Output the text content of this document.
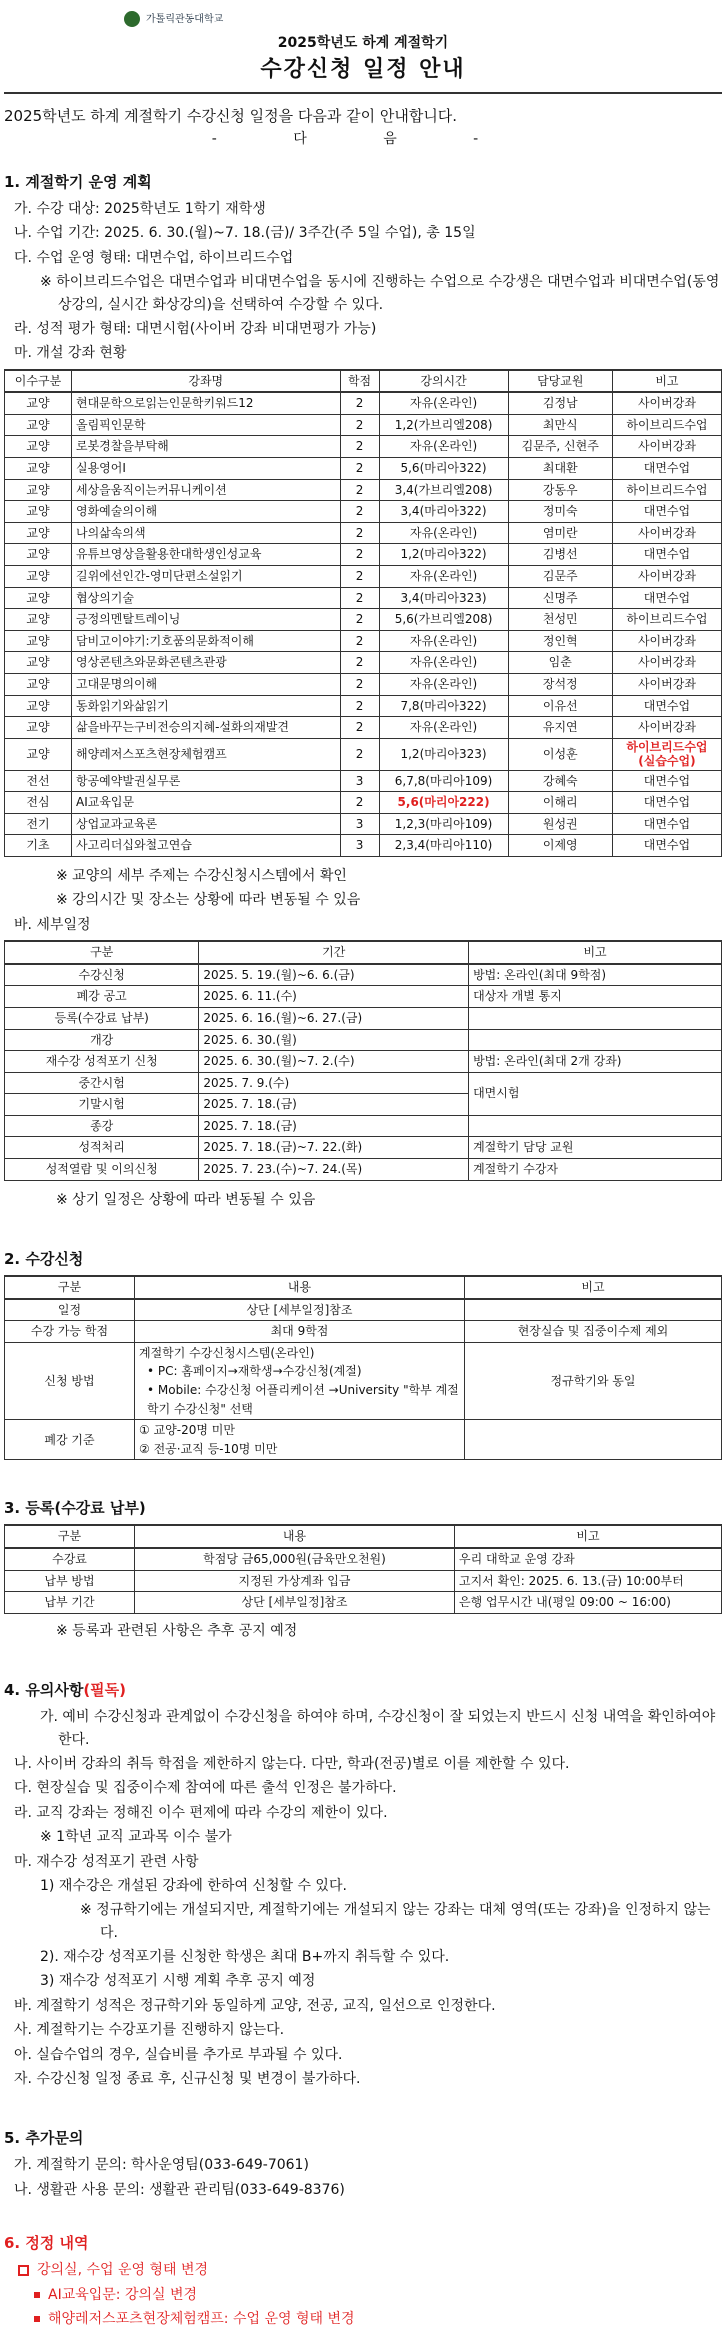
가톨릭관동대학교
2025학년도 하계 계절학기
수강신청 일정 안내

2025학년도 하계 계절학기 수강신청 일정을 다음과 같이 안내합니다.

- 다 음 -
1. 계절학기 운영 계획
가. 수강 대상: 2025학년도 1학기 재학생
나. 수업 기간: 2025. 6. 30.(월)~7. 18.(금)/ 3주간(주 5일 수업), 총 15일
다. 수업 운영 형태: 대면수업, 하이브리드수업
※ 하이브리드수업은 대면수업과 비대면수업을 동시에 진행하는 수업으로 수강생은 대면수업과 비대면수업(동영상강의, 실시간 화상강의)을 선택하여 수강할 수 있다.
라. 성적 평가 형태: 대면시험(사이버 강좌 비대면평가 가능)
마. 개설 강좌 현황
이수구분	강좌명	학점	강의시간	담당교원	비고
교양	현대문학으로읽는인문학키워드12	2	자유(온라인)	김정남	사이버강좌
교양	올림픽인문학	2	1,2(가브리엘208)	최만식	하이브리드수업
교양	로봇경찰을부탁해	2	자유(온라인)	김문주, 신현주	사이버강좌
교양	실용영어I	2	5,6(마리아322)	최대환	대면수업
교양	세상을움직이는커뮤니케이션	2	3,4(가브리엘208)	강동우	하이브리드수업
교양	영화예술의이해	2	3,4(마리아322)	정미숙	대면수업
교양	나의삶속의색	2	자유(온라인)	염미란	사이버강좌
교양	유튜브영상을활용한대학생인성교육	2	1,2(마리아322)	김병선	대면수업
교양	길위에선인간-영미단편소설읽기	2	자유(온라인)	김문주	사이버강좌
교양	협상의기술	2	3,4(마리아323)	신명주	대면수업
교양	긍정의멘탈트레이닝	2	5,6(가브리엘208)	천성민	하이브리드수업
교양	담비고이야기:기호품의문화적이해	2	자유(온라인)	정인혁	사이버강좌
교양	영상콘텐츠와문화콘텐츠관광	2	자유(온라인)	임춘	사이버강좌
교양	고대문명의이해	2	자유(온라인)	장석정	사이버강좌
교양	동화읽기와삶읽기	2	7,8(마리아322)	이유선	대면수업
교양	삶을바꾸는구비전승의지혜-설화의재발견	2	자유(온라인)	유지연	사이버강좌
교양	해양레저스포츠현장체험캠프	2	1,2(마리아323)	이성훈	하이브리드수업
(실습수업)
전선	항공예약발권실무론	3	6,7,8(마리아109)	강혜숙	대면수업
전심	AI교육입문	2	5,6(마리아222)	이해리	대면수업
전기	상업교과교육론	3	1,2,3(마리아109)	원성권	대면수업
기초	사고리더십와철고연습	3	2,3,4(마리아110)	이제영	대면수업
※ 교양의 세부 주제는 수강신청시스템에서 확인
※ 강의시간 및 장소는 상황에 따라 변동될 수 있음
바. 세부일정
구분	기간	비고
수강신청	2025. 5. 19.(월)~6. 6.(금)	방법: 온라인(최대 9학점)
폐강 공고	2025. 6. 11.(수)	대상자 개별 통지
등록(수강료 납부)	2025. 6. 16.(월)~6. 27.(금)	
개강	2025. 6. 30.(월)	
재수강 성적포기 신청	2025. 6. 30.(월)~7. 2.(수)	방법: 온라인(최대 2개 강좌)
중간시험	2025. 7. 9.(수)	대면시험
기말시험	2025. 7. 18.(금)	
종강	2025. 7. 18.(금)	
성적처리	2025. 7. 18.(금)~7. 22.(화)	계절학기 담당 교원
성적열람 및 이의신청	2025. 7. 23.(수)~7. 24.(목)	계절학기 수강자
※ 상기 일정은 상황에 따라 변동될 수 있음
2. 수강신청
구분	내용	비고
일정	상단 [세부일정]참조	
수강 가능 학점	최대 9학점	현장실습 및 집중이수제 제외
신청 방법	계절학기 수강신청시스템(온라인)
• PC: 홈페이지→재학생→수강신청(계절)
• Mobile: 수강신청 어플리케이션 →University "학부 계절학기 수강신청" 선택	정규학기와 동일
폐강 기준	① 교양-20명 미만
② 전공·교직 등-10명 미만	

3. 등록(수강료 납부)
구분	내용	비고
수강료	학점당 금65,000원(금육만오천원)	우리 대학교 운영 강좌
납부 방법	지정된 가상계좌 입금	고지서 확인: 2025. 6. 13.(금) 10:00부터
납부 기간	상단 [세부일정]참조	은행 업무시간 내(평일 09:00 ~ 16:00)
※ 등록과 관련된 사항은 추후 공지 예정
4. 유의사항(필독)
가. 예비 수강신청과 관계없이 수강신청을 하여야 하며, 수강신청이 잘 되었는지 반드시 신청 내역을 확인하여야 한다.
나. 사이버 강좌의 취득 학점을 제한하지 않는다. 다만, 학과(전공)별로 이를 제한할 수 있다.
다. 현장실습 및 집중이수제 참여에 따른 출석 인정은 불가하다.
라. 교직 강좌는 정해진 이수 편제에 따라 수강의 제한이 있다.
※ 1학년 교직 교과목 이수 불가
마. 재수강 성적포기 관련 사항
1) 재수강은 개설된 강좌에 한하여 신청할 수 있다.
※ 정규학기에는 개설되지만, 계절학기에는 개설되지 않는 강좌는 대체 영역(또는 강좌)을 인정하지 않는다.
2). 재수강 성적포기를 신청한 학생은 최대 B+까지 취득할 수 있다.
3) 재수강 성적포기 시행 계획 추후 공지 예정
바. 계절학기 성적은 정규학기와 동일하게 교양, 전공, 교직, 일선으로 인정한다.
사. 계절학기는 수강포기를 진행하지 않는다.
아. 실습수업의 경우, 실습비를 추가로 부과될 수 있다.
자. 수강신청 일정 종료 후, 신규신청 및 변경이 불가하다.
5. 추가문의
가. 계절학기 문의: 학사운영팀(033-649-7061)
나. 생활관 사용 문의: 생활관 관리팀(033-649-8376)
6. 정정 내역
강의실, 수업 운영 형태 변경
AI교육입문: 강의실 변경
해양레저스포츠현장체험캠프: 수업 운영 형태 변경
